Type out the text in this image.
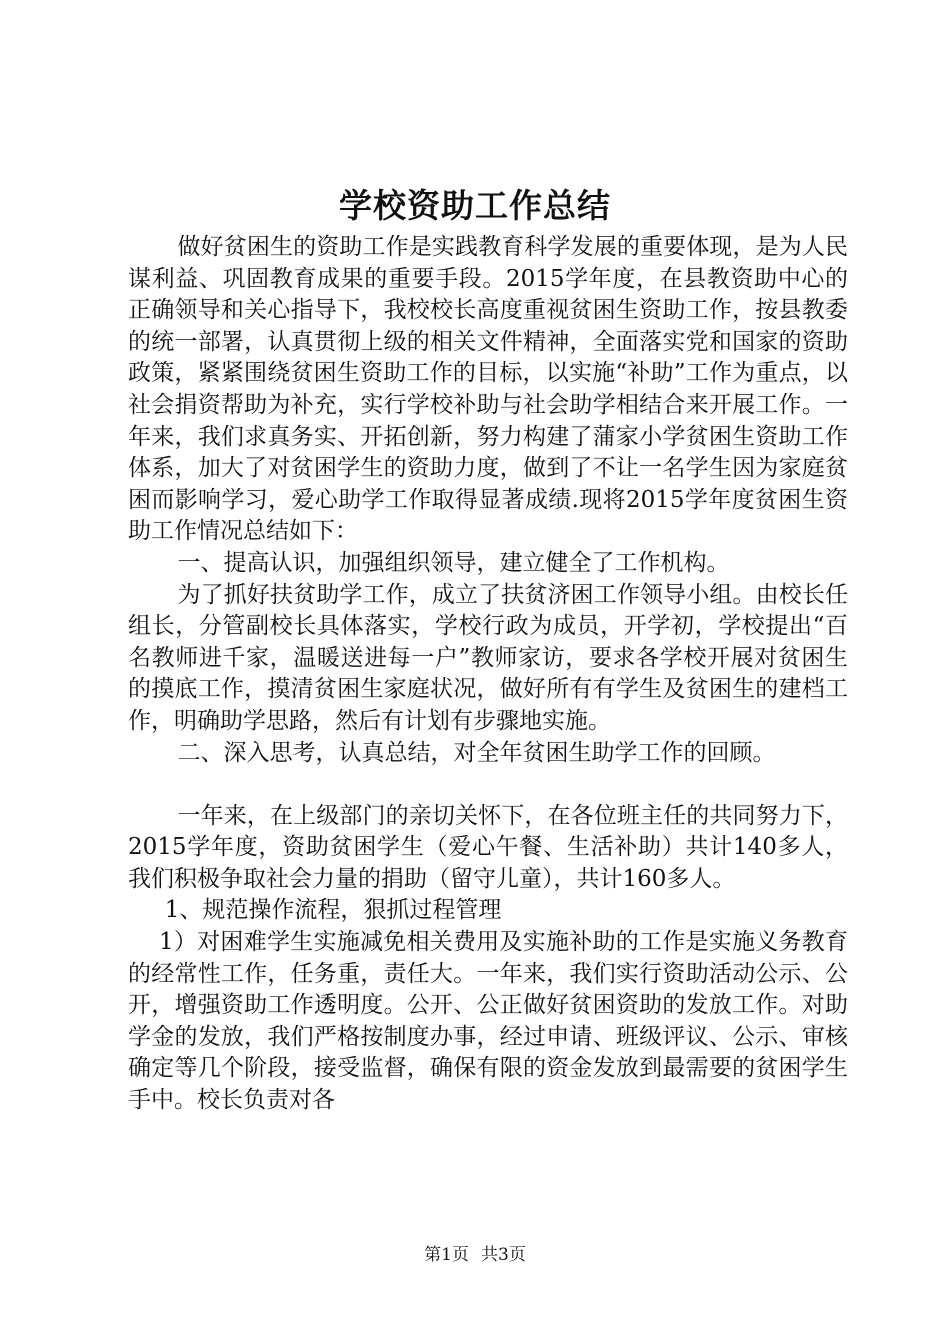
学校资助工作总结

做好贫困生的资助工作是实践教育科学发展的重要体现，是为人民谋利益、巩固教育成果的重要手段。2015学年度，在县教资助中心的正确领导和关心指导下，我校校长高度重视贫困生资助工作，按县教委的统一部署，认真贯彻上级的相关文件精神，全面落实党和国家的资助政策，紧紧围绕贫困生资助工作的目标，以实施“补助”工作为重点，以社会捐资帮助为补充，实行学校补助与社会助学相结合来开展工作。一年来，我们求真务实、开拓创新，努力构建了蒲家小学贫困生资助工作体系，加大了对贫困学生的资助力度，做到了不让一名学生因为家庭贫困而影响学习，爱心助学工作取得显著成绩.现将2015学年度贫困生资助工作情况总结如下：

一、提高认识，加强组织领导，建立健全了工作机构。

为了抓好扶贫助学工作，成立了扶贫济困工作领导小组。由校长任组长，分管副校长具体落实，学校行政为成员，开学初，学校提出“百名教师进千家，温暖送进每一户”教师家访，要求各学校开展对贫困生的摸底工作，摸清贫困生家庭状况，做好所有有学生及贫困生的建档工作，明确助学思路，然后有计划有步骤地实施。

二、深入思考，认真总结，对全年贫困生助学工作的回顾。

一年来，在上级部门的亲切关怀下，在各位班主任的共同努力下，2015学年度，资助贫困学生（爱心午餐、生活补助）共计140多人，我们积极争取社会力量的捐助（留守儿童），共计160多人。

1、规范操作流程，狠抓过程管理

1）对困难学生实施减免相关费用及实施补助的工作是实施义务教育的经常性工作，任务重，责任大。一年来，我们实行资助活动公示、公开，增强资助工作透明度。公开、公正做好贫困资助的发放工作。对助学金的发放，我们严格按制度办事，经过申请、班级评议、公示、审核确定等几个阶段，接受监督，确保有限的资金发放到最需要的贫困学生手中。校长负责对各

第1页 共3页
